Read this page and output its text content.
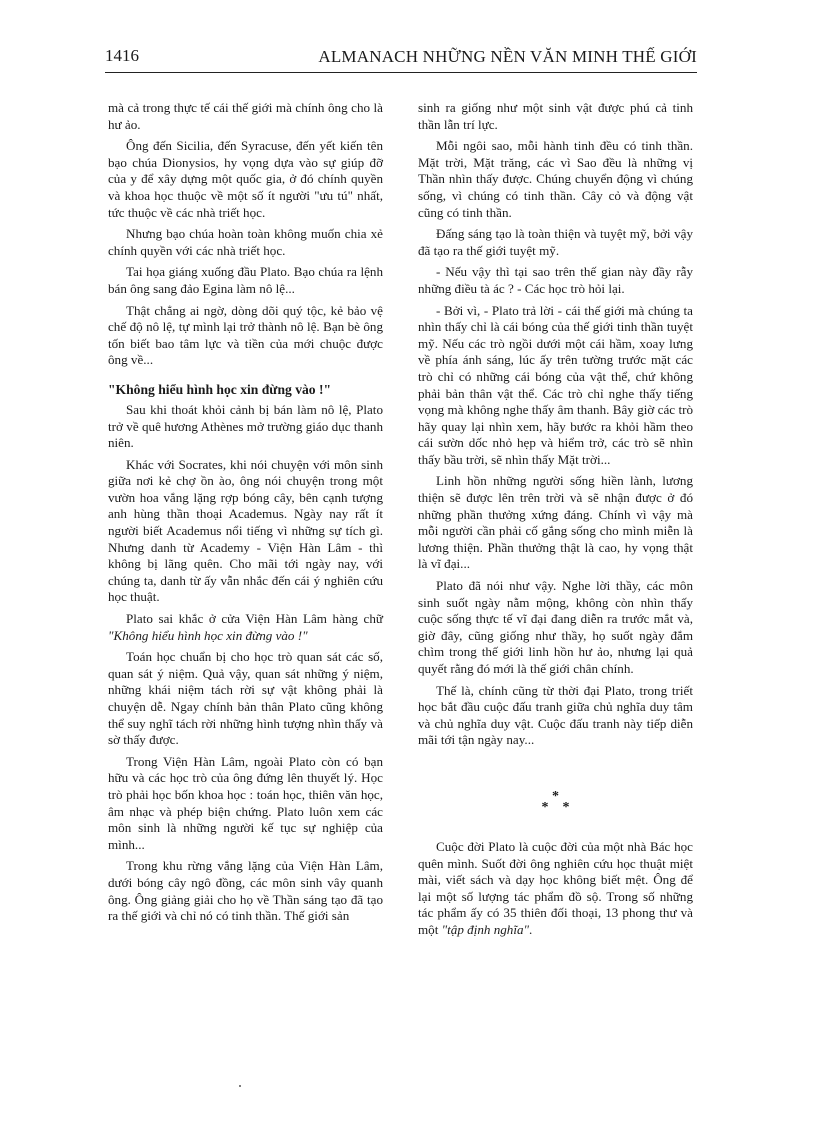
1416	ALMANACH NHỮNG NỀN VĂN MINH THẾ GIỚI

mà cả trong thực tế cái thế giới mà chính ông cho là hư ảo.

Ông đến Sicilia, đến Syracuse, đến yết kiến tên bạo chúa Dionysios, hy vọng dựa vào sự giúp đỡ của y để xây dựng một quốc gia, ở đó chính quyền và khoa học thuộc về một số ít người "ưu tú" nhất, tức thuộc về các nhà triết học.

Nhưng bạo chúa hoàn toàn không muốn chia xẻ chính quyền với các nhà triết học.

Tai họa giáng xuống đầu Plato. Bạo chúa ra lệnh bán ông sang đảo Egina làm nô lệ...

Thật chẳng ai ngờ, dòng dõi quý tộc, kẻ bảo vệ chế độ nô lệ, tự mình lại trở thành nô lệ. Bạn bè ông tốn biết bao tâm lực và tiền của mới chuộc được ông về...

"Không hiểu hình học xin đừng vào !"

Sau khi thoát khỏi cảnh bị bán làm nô lệ, Plato trở về quê hương Athènes mở trường giáo dục thanh niên.

Khác với Socrates, khi nói chuyện với môn sinh giữa nơi kẻ chợ ồn ào, ông nói chuyện trong một vườn hoa vắng lặng rợp bóng cây, bên cạnh tượng anh hùng thần thoại Academus. Ngày nay rất ít người biết Academus nổi tiếng vì những sự tích gì. Nhưng danh từ Academy - Viện Hàn Lâm - thì không bị lãng quên. Cho mãi tới ngày nay, với chúng ta, danh từ ấy vẫn nhắc đến cái ý nghiên cứu học thuật.

Plato sai khắc ở cửa Viện Hàn Lâm hàng chữ "Không hiểu hình học xin đừng vào !"

Toán học chuẩn bị cho học trò quan sát các số, quan sát ý niệm. Quả vậy, quan sát những ý niệm, những khái niệm tách rời sự vật không phải là chuyện dễ. Ngay chính bản thân Plato cũng không thể suy nghĩ tách rời những hình tượng nhìn thấy và sờ thấy được.

Trong Viện Hàn Lâm, ngoài Plato còn có bạn hữu và các học trò của ông đứng lên thuyết lý. Học trò phải học bốn khoa học : toán học, thiên văn học, âm nhạc và phép biện chứng. Plato luôn xem các môn sinh là những người kế tục sự nghiệp của mình...

Trong khu rừng vắng lặng của Viện Hàn Lâm, dưới bóng cây ngô đồng, các môn sinh vây quanh ông. Ông giảng giải cho họ về Thần sáng tạo đã tạo ra thế giới và chỉ nó có tinh thần. Thế giới sản

sinh ra giống như một sinh vật được phú cả tinh thần lẫn trí lực.

Mỗi ngôi sao, mỗi hành tinh đều có tinh thần. Mặt trời, Mặt trăng, các vì Sao đều là những vị Thần nhìn thấy được. Chúng chuyển động vì chúng sống, vì chúng có tinh thần. Cây cỏ và động vật cũng có tinh thần.

Đấng sáng tạo là toàn thiện và tuyệt mỹ, bởi vậy đã tạo ra thế giới tuyệt mỹ.

- Nếu vậy thì tại sao trên thế gian này đầy rẫy những điều tà ác ? - Các học trò hỏi lại.

- Bởi vì, - Plato trả lời - cái thế giới mà chúng ta nhìn thấy chỉ là cái bóng của thế giới tinh thần tuyệt mỹ. Nếu các trò ngồi dưới một cái hầm, xoay lưng về phía ánh sáng, lúc ấy trên tường trước mặt các trò chỉ có những cái bóng của vật thể, chứ không phải bản thân vật thể. Các trò chỉ nghe thấy tiếng vọng mà không nghe thấy âm thanh. Bây giờ các trò hãy quay lại nhìn xem, hãy bước ra khỏi hầm theo cái sườn dốc nhỏ hẹp và hiểm trở, các trò sẽ nhìn thấy bầu trời, sẽ nhìn thấy Mặt trời...

Linh hồn những người sống hiền lành, lương thiện sẽ được lên trên trời và sẽ nhận được ở đó những phần thưởng xứng đáng. Chính vì vậy mà mỗi người cần phải cố gắng sống cho mình miễn là lương thiện. Phần thưởng thật là cao, hy vọng thật là vĩ đại...

Plato đã nói như vậy. Nghe lời thầy, các môn sinh suốt ngày nằm mộng, không còn nhìn thấy cuộc sống thực tế vĩ đại đang diễn ra trước mắt và, giờ đây, cũng giống như thầy, họ suốt ngày đắm chìm trong thế giới linh hồn hư ảo, nhưng lại quả quyết rằng đó mới là thế giới chân chính.

Thế là, chính cũng từ thời đại Plato, trong triết học bắt đầu cuộc đấu tranh giữa chủ nghĩa duy tâm và chủ nghĩa duy vật. Cuộc đấu tranh này tiếp diễn mãi tới tận ngày nay...

*
**

Cuộc đời Plato là cuộc đời của một nhà Bác học quên mình. Suốt đời ông nghiên cứu học thuật miệt mài, viết sách và dạy học không biết mệt. Ông để lại một số lượng tác phẩm đồ sộ. Trong số những tác phẩm ấy có 35 thiên đối thoại, 13 phong thư và một "tập định nghĩa".
